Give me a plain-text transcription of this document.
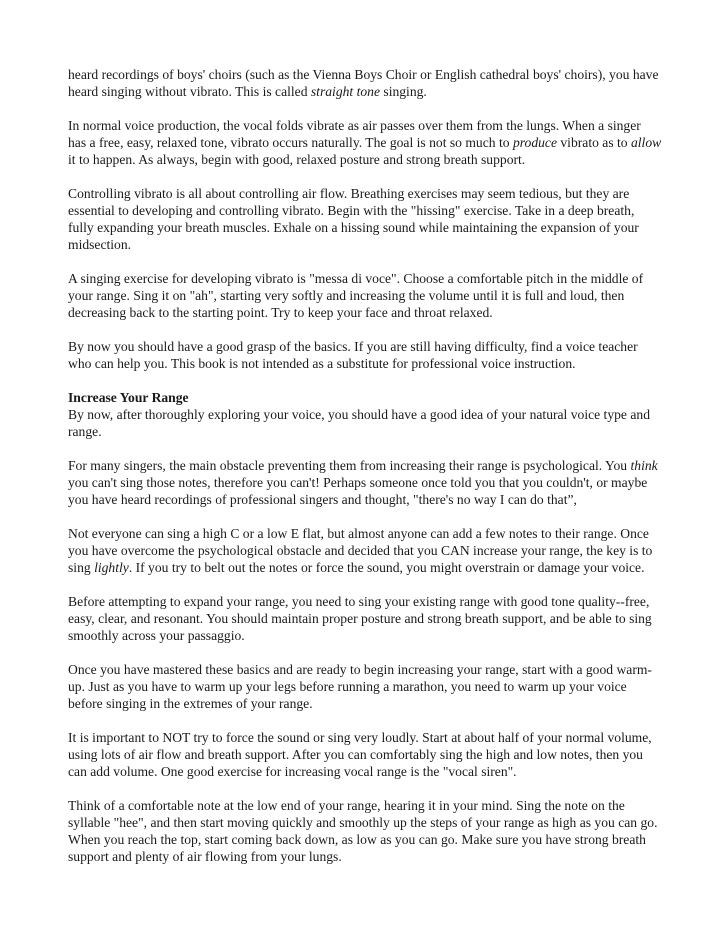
heard recordings of boys' choirs (such as the Vienna Boys Choir or English cathedral boys' choirs), you have heard singing without vibrato. This is called straight tone singing.

In normal voice production, the vocal folds vibrate as air passes over them from the lungs. When a singer has a free, easy, relaxed tone, vibrato occurs naturally. The goal is not so much to produce vibrato as to allow it to happen. As always, begin with good, relaxed posture and strong breath support.

Controlling vibrato is all about controlling air flow. Breathing exercises may seem tedious, but they are essential to developing and controlling vibrato. Begin with the "hissing" exercise. Take in a deep breath, fully expanding your breath muscles. Exhale on a hissing sound while maintaining the expansion of your midsection.

A singing exercise for developing vibrato is "messa di voce". Choose a comfortable pitch in the middle of your range. Sing it on "ah", starting very softly and increasing the volume until it is full and loud, then decreasing back to the starting point. Try to keep your face and throat relaxed.

By now you should have a good grasp of the basics. If you are still having difficulty, find a voice teacher who can help you. This book is not intended as a substitute for professional voice instruction.

Increase Your Range
By now, after thoroughly exploring your voice, you should have a good idea of your natural voice type and range.

For many singers, the main obstacle preventing them from increasing their range is psychological. You think you can't sing those notes, therefore you can't! Perhaps someone once told you that you couldn't, or maybe you have heard recordings of professional singers and thought, "there's no way I can do that”,

Not everyone can sing a high C or a low E flat, but almost anyone can add a few notes to their range. Once you have overcome the psychological obstacle and decided that you CAN increase your range, the key is to sing lightly. If you try to belt out the notes or force the sound, you might overstrain or damage your voice.

Before attempting to expand your range, you need to sing your existing range with good tone quality--free, easy, clear, and resonant. You should maintain proper posture and strong breath support, and be able to sing smoothly across your passaggio.

Once you have mastered these basics and are ready to begin increasing your range, start with a good warm-up. Just as you have to warm up your legs before running a marathon, you need to warm up your voice before singing in the extremes of your range.

It is important to NOT try to force the sound or sing very loudly. Start at about half of your normal volume, using lots of air flow and breath support. After you can comfortably sing the high and low notes, then you can add volume. One good exercise for increasing vocal range is the "vocal siren".

Think of a comfortable note at the low end of your range, hearing it in your mind. Sing the note on the syllable "hee", and then start moving quickly and smoothly up the steps of your range as high as you can go. When you reach the top, start coming back down, as low as you can go. Make sure you have strong breath support and plenty of air flowing from your lungs.
